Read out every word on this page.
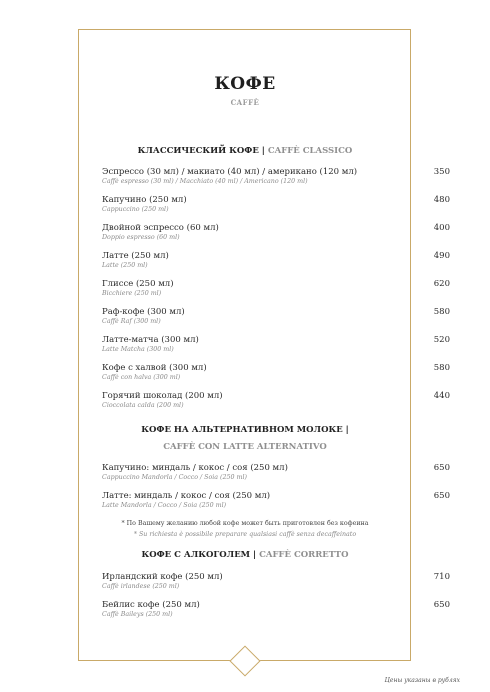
КОФЕ
CAFFÈ
КЛАССИЧЕСКИЙ КОФЕ | CAFFÈ CLASSICO
Эспрессо (30 мл) / макиато (40 мл) / американо (120 мл)
Caffè espresso (30 ml) / Macchiato (40 ml) / Americano (120 ml)
350
Капучино (250 мл)
Cappuccino (250 ml)
480
Двойной эспрессо (60 мл)
Doppio espresso (60 ml)
400
Латте (250 мл)
Latte (250 ml)
490
Глиссе (250 мл)
Bicchiere (250 ml)
620
Раф-кофе (300 мл)
Caffè Raf (300 ml)
580
Латте-матча (300 мл)
Latte Matcha (300 ml)
520
Кофе с халвой (300 мл)
Caffè con halva (300 ml)
580
Горячий шоколад (200 мл)
Cioccolata calda (200 ml)
440
КОФЕ НА АЛЬТЕРНАТИВНОМ МОЛОКЕ |
CAFFÈ CON LATTE ALTERNATIVO
Капучино: миндаль / кокос / соя (250 мл)
Cappuccino Mandorla / Cocco / Soia (250 ml)
650
Латте: миндаль / кокос / соя (250 мл)
Latte Mandorla / Cocco / Soia (250 ml)
650
* По Вашему желанию любой кофе может быть приготовлен без кофеина
* Su richiesta è possibile preparare qualsiasi caffè senza decaffeinato
КОФЕ С АЛКОГОЛЕМ | CAFFÈ CORRETTO
Ирландский кофе (250 мл)
Caffè irlandese (250 ml)
710
Бейлис кофе (250 мл)
Caffè Baileys (250 ml)
650
Цены указаны в рублях
